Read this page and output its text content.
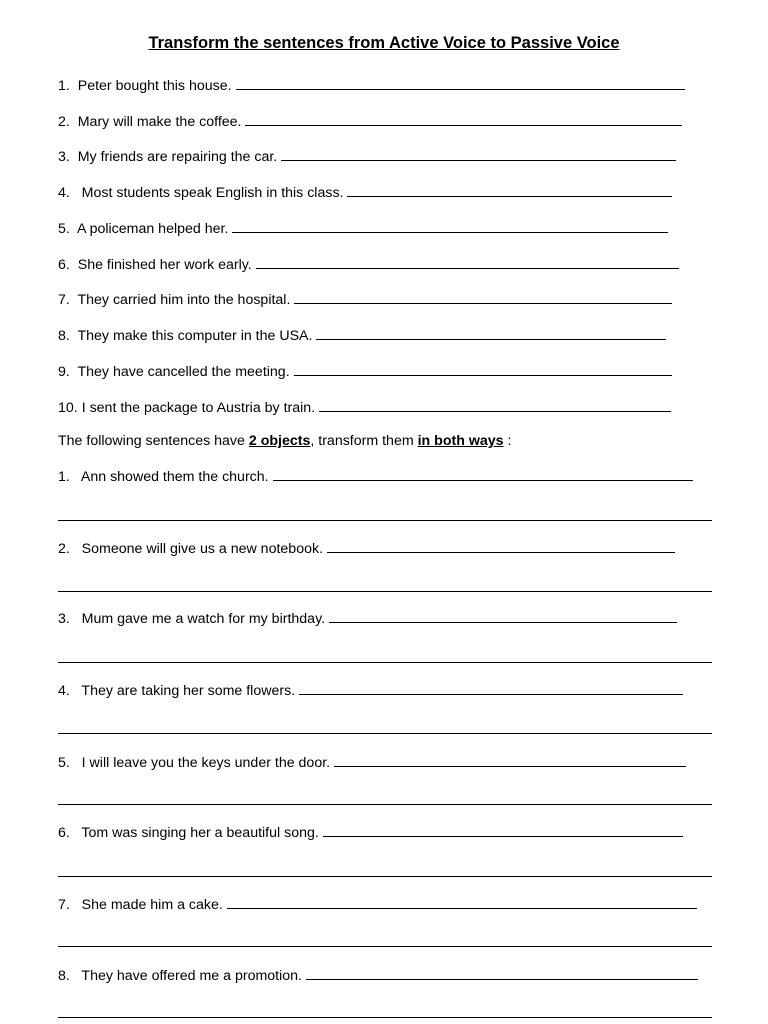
Transform the sentences from Active Voice to Passive Voice
1. Peter bought this house.
2. Mary will make the coffee.
3. My friends are repairing the car.
4. Most students speak English in this class.
5. A policeman helped her.
6. She finished her work early.
7. They carried him into the hospital.
8. They make this computer in the USA.
9. They have cancelled the meeting.
10. I sent the package to Austria by train.
The following sentences have 2 objects, transform them in both ways :
1. Ann showed them the church.
2. Someone will give us a new notebook.
3. Mum gave me a watch for my birthday.
4. They are taking her some flowers.
5. I will leave you the keys under the door.
6. Tom was singing her a beautiful song.
7. She made him a cake.
8. They have offered me a promotion.
